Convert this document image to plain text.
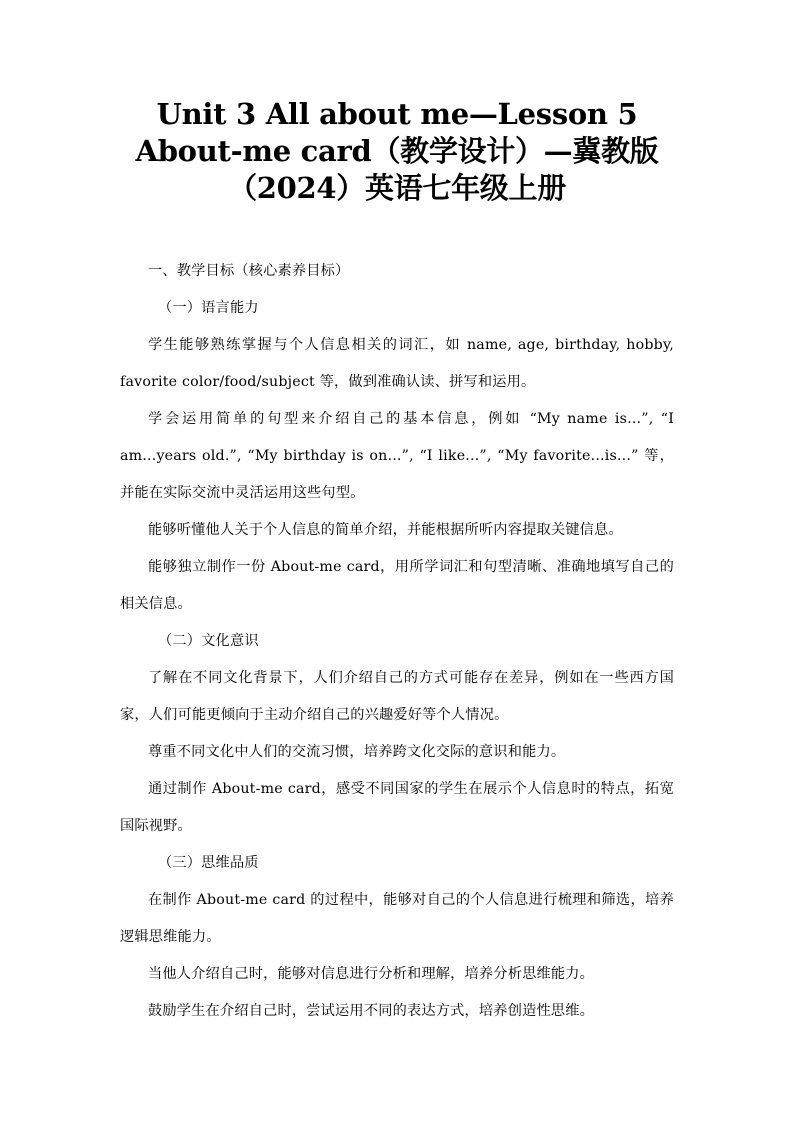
Unit 3 All about me—Lesson 5
About-me card（教学设计）—冀教版
（2024）英语七年级上册

一、教学目标（核心素养目标）

（一）语言能力

学生能够熟练掌握与个人信息相关的词汇，如 name, age, birthday, hobby, favorite color/food/subject 等，做到准确认读、拼写和运用。

学会运用简单的句型来介绍自己的基本信息，例如 “My name is...”, “I am...years old.”, “My birthday is on...”, “I like...”, “My favorite...is...” 等，并能在实际交流中灵活运用这些句型。

能够听懂他人关于个人信息的简单介绍，并能根据所听内容提取关键信息。

能够独立制作一份 About-me card，用所学词汇和句型清晰、准确地填写自己的相关信息。

（二）文化意识

了解在不同文化背景下，人们介绍自己的方式可能存在差异，例如在一些西方国家，人们可能更倾向于主动介绍自己的兴趣爱好等个人情况。

尊重不同文化中人们的交流习惯，培养跨文化交际的意识和能力。

通过制作 About-me card，感受不同国家的学生在展示个人信息时的特点，拓宽国际视野。

（三）思维品质

在制作 About-me card 的过程中，能够对自己的个人信息进行梳理和筛选，培养逻辑思维能力。

当他人介绍自己时，能够对信息进行分析和理解，培养分析思维能力。

鼓励学生在介绍自己时，尝试运用不同的表达方式，培养创造性思维。
